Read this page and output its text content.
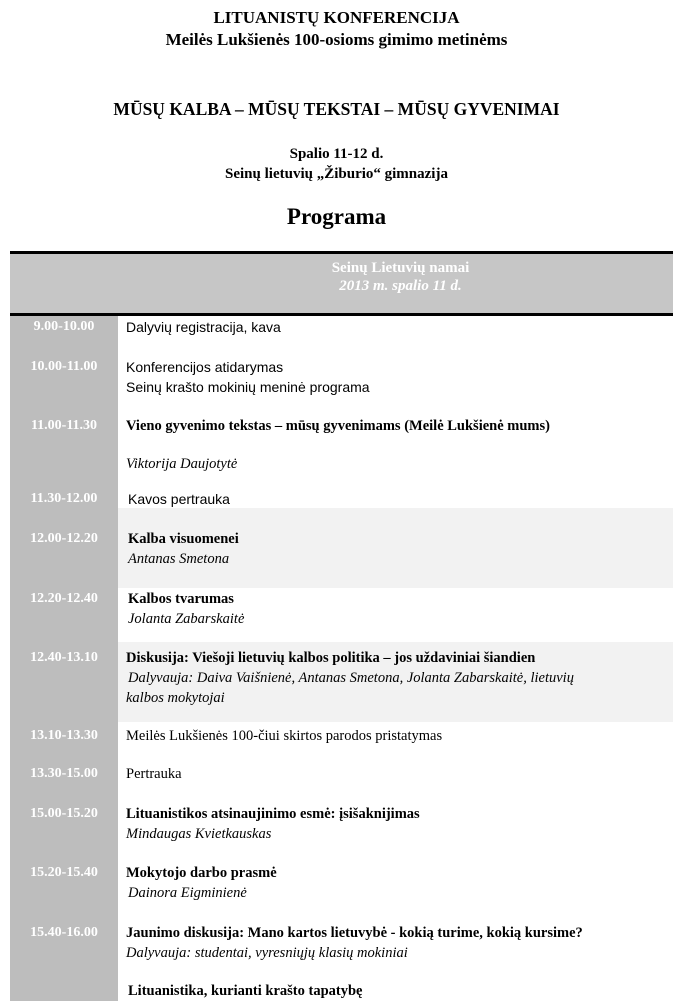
LITUANISTŲ KONFERENCIJA
Meilės Lukšienės 100-osioms gimimo metinėms
MŪSŲ KALBA – MŪSŲ TEKSTAI – MŪSŲ GYVENIMAI
Spalio 11-12 d.
Seinų lietuvių „Žiburio“ gimnazija
Programa
Seinų Lietuvių namai
2013 m. spalio 11 d.
9.00-10.00	Dalyvių registracija, kava
10.00-11.00	Konferencijos atidarymas
Seinų krašto mokinių meninė programa
11.00-11.30	Vieno gyvenimo tekstas – mūsų gyvenimams (Meilė Lukšienė mums)
Viktorija Daujotytė
11.30-12.00	Kavos pertrauka
12.00-12.20	Kalba visuomenei
Antanas Smetona
12.20-12.40	Kalbos tvarumas
Jolanta Zabarskaitė
12.40-13.10	Diskusija: Viešoji lietuvių kalbos politika – jos uždaviniai šiandien
Dalyvauja: Daiva Vaišnienė, Antanas Smetona, Jolanta Zabarskaitė, lietuvių
kalbos mokytojai
13.10-13.30	Meilės Lukšienės 100-čiui skirtos parodos pristatymas
13.30-15.00	Pertrauka
15.00-15.20	Lituanistikos atsinaujinimo esmė: įsišaknijimas
Mindaugas Kvietkauskas
15.20-15.40	Mokytojo darbo prasmė
Dainora Eigminienė
15.40-16.00	Jaunimo diskusija: Mano kartos lietuvybė - kokią turime, kokią kursime?
Dalyvauja: studentai, vyresniųjų klasių mokiniai
Lituanistika, kurianti krašto tapatybę
